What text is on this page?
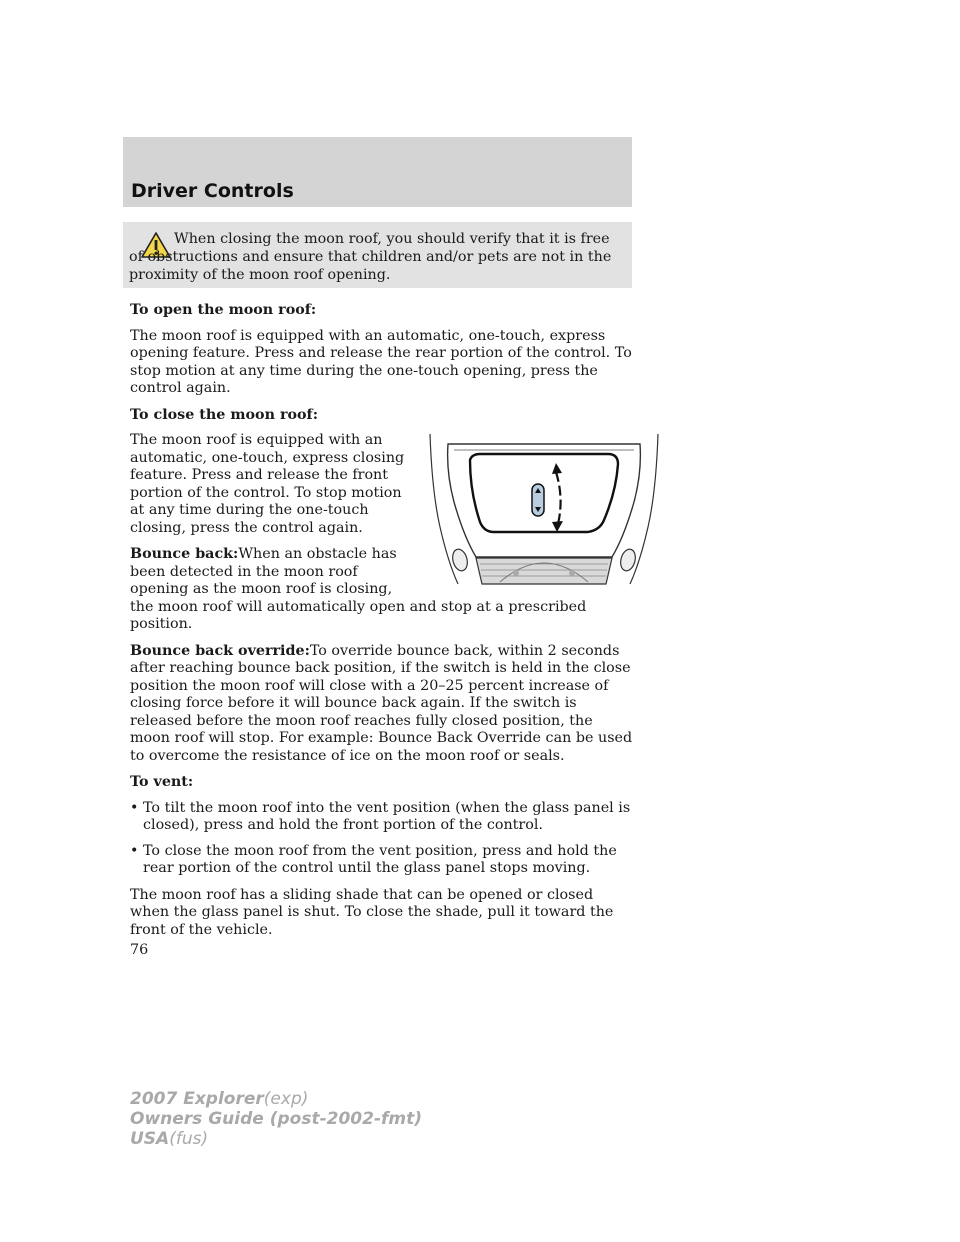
Driver Controls

When closing the moon roof, you should verify that it is free of obstructions and ensure that children and/or pets are not in the proximity of the moon roof opening.

To open the moon roof:

The moon roof is equipped with an automatic, one-touch, express opening feature. Press and release the rear portion of the control. To stop motion at any time during the one-touch opening, press the control again.

To close the moon roof:

The moon roof is equipped with an automatic, one-touch, express closing feature. Press and release the front portion of the control. To stop motion at any time during the one-touch closing, press the control again.

Bounce back:When an obstacle has been detected in the moon roof opening as the moon roof is closing, the moon roof will automatically open and stop at a prescribed position.

Bounce back override:To override bounce back, within 2 seconds after reaching bounce back position, if the switch is held in the close position the moon roof will close with a 20–25 percent increase of closing force before it will bounce back again. If the switch is released before the moon roof reaches fully closed position, the moon roof will stop. For example: Bounce Back Override can be used to overcome the resistance of ice on the moon roof or seals.

To vent:
• To tilt the moon roof into the vent position (when the glass panel is closed), press and hold the front portion of the control.
• To close the moon roof from the vent position, press and hold the rear portion of the control until the glass panel stops moving.

The moon roof has a sliding shade that can be opened or closed when the glass panel is shut. To close the shade, pull it toward the front of the vehicle.

76
2007 Explorer(exp)
Owners Guide (post-2002-fmt)
USA(fus)
